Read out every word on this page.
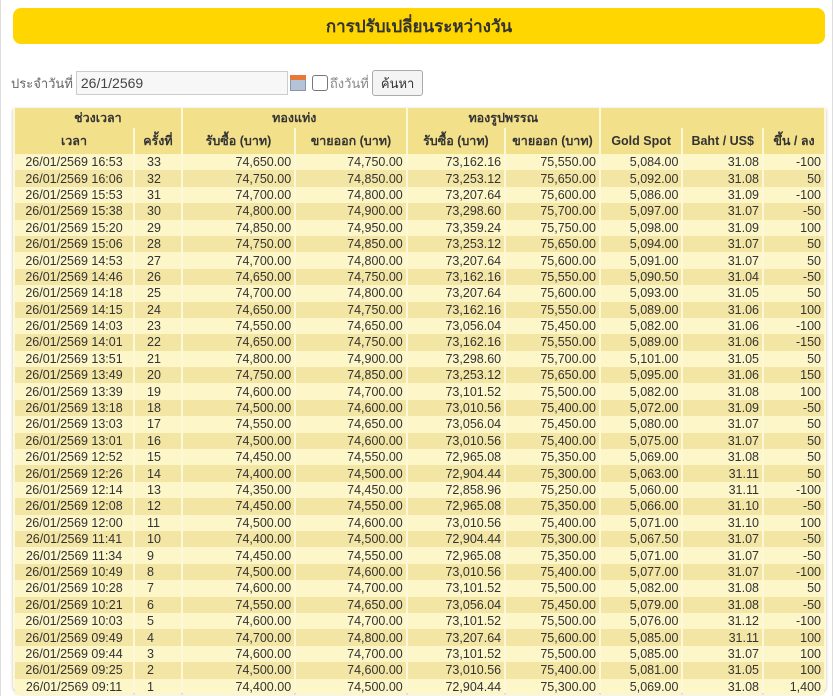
การปรับเปลี่ยนระหว่างวัน
ประจำวันที่
26/1/2569	ถึงวันที่ ค้นหา
ช่วงเวลา		ทองแท่ง		ทองรูปพรรณ				
เวลา	ครั้งที่	รับซื้อ (บาท)	ขายออก (บาท)	รับซื้อ (บาท)	ขายออก (บาท)	Gold Spot	Baht / US$	ขึ้น / ลง
26/01/2569 16:53	33	74,650.00	74,750.00	73,162.16	75,550.00	5,084.00	31.08	-100
26/01/2569 16:06	32	74,750.00	74,850.00	73,253.12	75,650.00	5,092.00	31.08	50
26/01/2569 15:53	31	74,700.00	74,800.00	73,207.64	75,600.00	5,086.00	31.09	-100
26/01/2569 15:38	30	74,800.00	74,900.00	73,298.60	75,700.00	5,097.00	31.07	-50
26/01/2569 15:20	29	74,850.00	74,950.00	73,359.24	75,750.00	5,098.00	31.09	100
26/01/2569 15:06	28	74,750.00	74,850.00	73,253.12	75,650.00	5,094.00	31.07	50
26/01/2569 14:53	27	74,700.00	74,800.00	73,207.64	75,600.00	5,091.00	31.07	50
26/01/2569 14:46	26	74,650.00	74,750.00	73,162.16	75,550.00	5,090.50	31.04	-50
26/01/2569 14:18	25	74,700.00	74,800.00	73,207.64	75,600.00	5,093.00	31.05	50
26/01/2569 14:15	24	74,650.00	74,750.00	73,162.16	75,550.00	5,089.00	31.06	100
26/01/2569 14:03	23	74,550.00	74,650.00	73,056.04	75,450.00	5,082.00	31.06	-100
26/01/2569 14:01	22	74,650.00	74,750.00	73,162.16	75,550.00	5,089.00	31.06	-150
26/01/2569 13:51	21	74,800.00	74,900.00	73,298.60	75,700.00	5,101.00	31.05	50
26/01/2569 13:49	20	74,750.00	74,850.00	73,253.12	75,650.00	5,095.00	31.06	150
26/01/2569 13:39	19	74,600.00	74,700.00	73,101.52	75,500.00	5,082.00	31.08	100
26/01/2569 13:18	18	74,500.00	74,600.00	73,010.56	75,400.00	5,072.00	31.09	-50
26/01/2569 13:03	17	74,550.00	74,650.00	73,056.04	75,450.00	5,080.00	31.07	50
26/01/2569 13:01	16	74,500.00	74,600.00	73,010.56	75,400.00	5,075.00	31.07	50
26/01/2569 12:52	15	74,450.00	74,550.00	72,965.08	75,350.00	5,069.00	31.08	50
26/01/2569 12:26	14	74,400.00	74,500.00	72,904.44	75,300.00	5,063.00	31.11	50
26/01/2569 12:14	13	74,350.00	74,450.00	72,858.96	75,250.00	5,060.00	31.11	-100
26/01/2569 12:08	12	74,450.00	74,550.00	72,965.08	75,350.00	5,066.00	31.10	-50
26/01/2569 12:00	11	74,500.00	74,600.00	73,010.56	75,400.00	5,071.00	31.10	100
26/01/2569 11:41	10	74,400.00	74,500.00	72,904.44	75,300.00	5,067.50	31.07	-50
26/01/2569 11:34	9	74,450.00	74,550.00	72,965.08	75,350.00	5,071.00	31.07	-50
26/01/2569 10:49	8	74,500.00	74,600.00	73,010.56	75,400.00	5,077.00	31.07	-100
26/01/2569 10:28	7	74,600.00	74,700.00	73,101.52	75,500.00	5,082.00	31.08	50
26/01/2569 10:21	6	74,550.00	74,650.00	73,056.04	75,450.00	5,079.00	31.08	-50
26/01/2569 10:03	5	74,600.00	74,700.00	73,101.52	75,500.00	5,076.00	31.12	-100
26/01/2569 09:49	4	74,700.00	74,800.00	73,207.64	75,600.00	5,085.00	31.11	100
26/01/2569 09:44	3	74,600.00	74,700.00	73,101.52	75,500.00	5,085.00	31.07	100
26/01/2569 09:25	2	74,500.00	74,600.00	73,010.56	75,400.00	5,081.00	31.05	100
26/01/2569 09:11	1	74,400.00	74,500.00	72,904.44	75,300.00	5,069.00	31.08	1,400
